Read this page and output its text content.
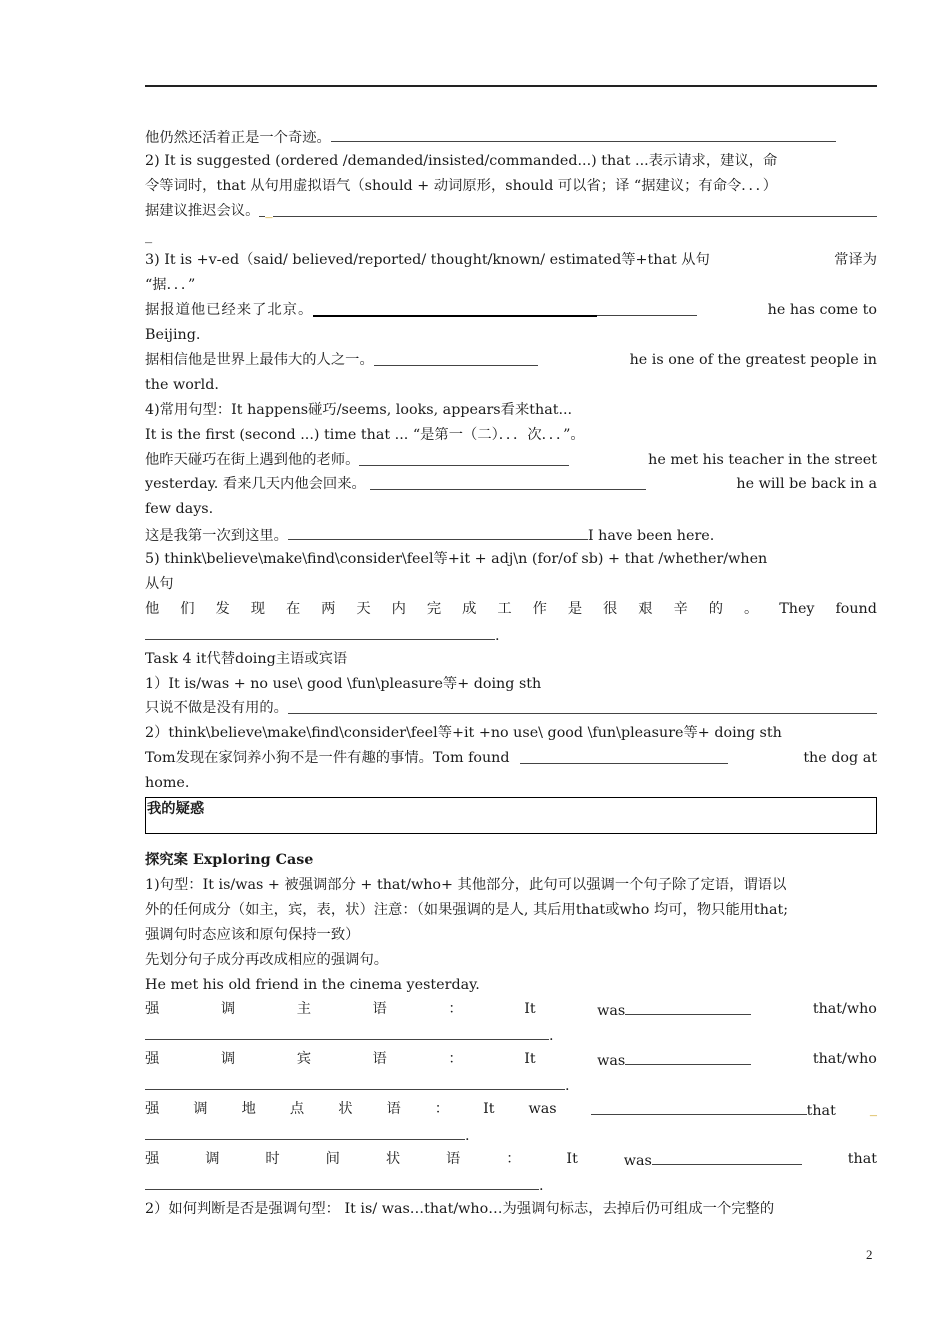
他仍然还活着正是一个奇迹。
2) It is suggested (ordered /demanded/insisted/commanded...) that ...表示请求，建议，命
令等词时，that 从句用虚拟语气（should + 动词原形，should 可以省；译 “据建议；有命令．．．）
据建议推迟会议。 _
_
3) It is +v-ed（said/ believed/reported/ thought/known/ estimated等+that 从句	常译为
“据．．．”
据报道他已经来了北京。	he has come to
Beijing.
据相信他是世界上最伟大的人之一。	he is one of the greatest people in
the world.
4)常用句型：It happens碰巧/seems, looks, appears看来that...
It is the first (second ...) time that ... “是第一（二）．．．次．．．”。
他昨天碰巧在街上遇到他的老师。	he met his teacher in the street
yesterday. 看来几天内他会回来。	he will be back in a
few days.
这是我第一次到这里。	I have been here.
5) think\believe\make\find\consider\feel等+it + adj\n (for/of sb) + that /whether/when
从句
他 们 发 现 在 两 天 内 完 成 工 作 是 很 艰 辛 的 。 They found
.
Task 4 it代替doing主语或宾语
1）It is/was + no use\ good \fun\pleasure等+ doing sth
只说不做是没有用的。
2）think\believe\make\find\consider\feel等+it +no use\ good \fun\pleasure等+ doing sth
Tom发现在家饲养小狗不是一件有趣的事情。Tom found	the dog at
home.
我的疑惑
探究案 Exploring Case
1)句型：It is/was + 被强调部分 + that/who+ 其他部分，此句可以强调一个句子除了定语，谓语以
外的任何成分（如主，宾，表，状）注意：（如果强调的是人, 其后用that或who 均可，物只能用that;
强调句时态应该和原句保持一致）
先划分句子成分再改成相应的强调句。
He met his old friend in the cinema yesterday.
强	调	主	语	：	It	was	that/who
.
强	调	宾	语	：	It	was	that/who
.
强 调 地 点 状 语 ： It was	that _
.
强	调	时	间	状	语	：	It	was	that
.
2）如何判断是否是强调句型： It is/ was…that/who…为强调句标志，去掉后仍可组成一个完整的
2
